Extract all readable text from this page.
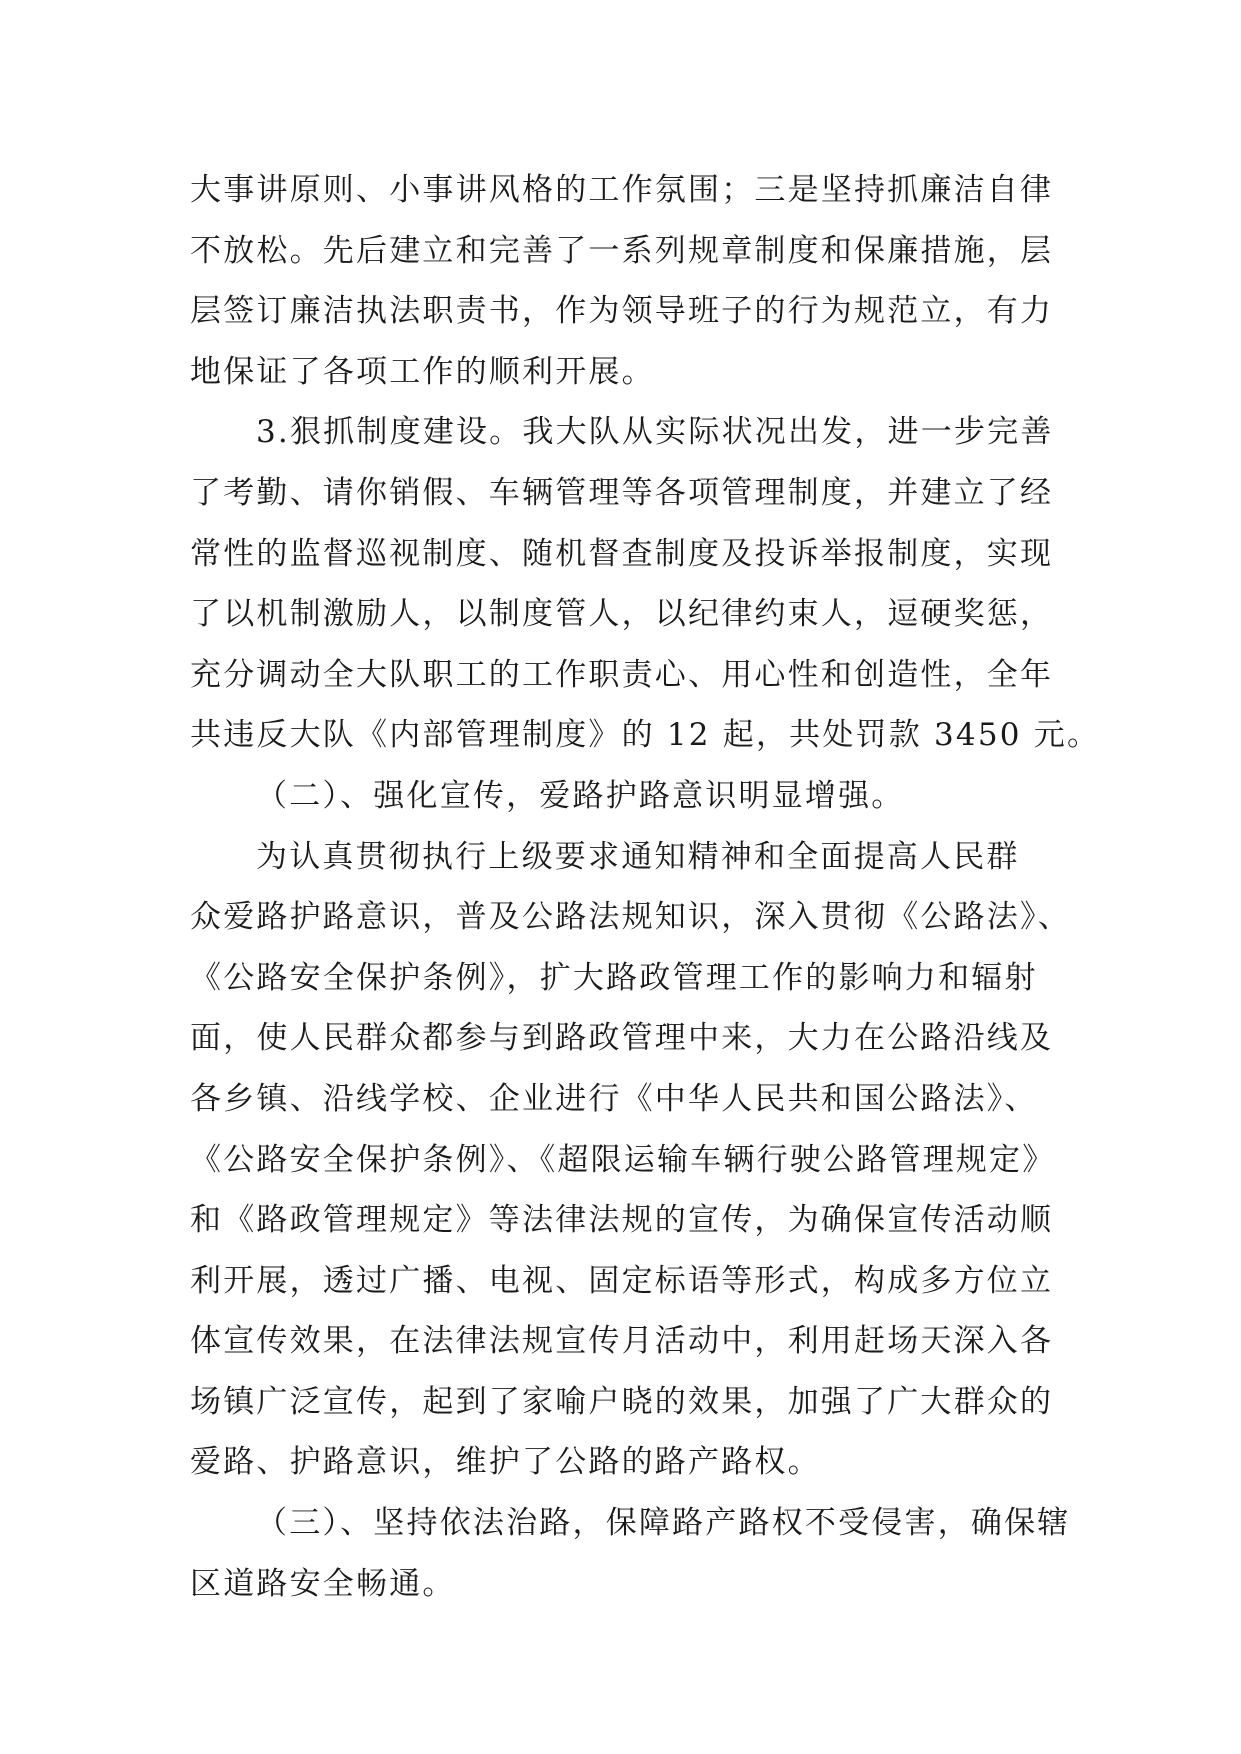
大事讲原则、小事讲风格的工作氛围；三是坚持抓廉洁自律
不放松。先后建立和完善了一系列规章制度和保廉措施，层
层签订廉洁执法职责书，作为领导班子的行为规范立，有力
地保证了各项工作的顺利开展。
3.狠抓制度建设。我大队从实际状况出发，进一步完善
了考勤、请你销假、车辆管理等各项管理制度，并建立了经
常性的监督巡视制度、随机督查制度及投诉举报制度，实现
了以机制激励人，以制度管人，以纪律约束人，逗硬奖惩，
充分调动全大队职工的工作职责心、用心性和创造性，全年
共违反大队《内部管理制度》的 12 起，共处罚款 3450 元。
（二）、强化宣传，爱路护路意识明显增强。
为认真贯彻执行上级要求通知精神和全面提高人民群
众爱路护路意识，普及公路法规知识，深入贯彻《公路法》、
《公路安全保护条例》，扩大路政管理工作的影响力和辐射
面，使人民群众都参与到路政管理中来，大力在公路沿线及
各乡镇、沿线学校、企业进行《中华人民共和国公路法》、
《公路安全保护条例》、《超限运输车辆行驶公路管理规定》
和《路政管理规定》等法律法规的宣传，为确保宣传活动顺
利开展，透过广播、电视、固定标语等形式，构成多方位立
体宣传效果，在法律法规宣传月活动中，利用赶场天深入各
场镇广泛宣传，起到了家喻户晓的效果，加强了广大群众的
爱路、护路意识，维护了公路的路产路权。
（三）、坚持依法治路，保障路产路权不受侵害，确保辖
区道路安全畅通。
